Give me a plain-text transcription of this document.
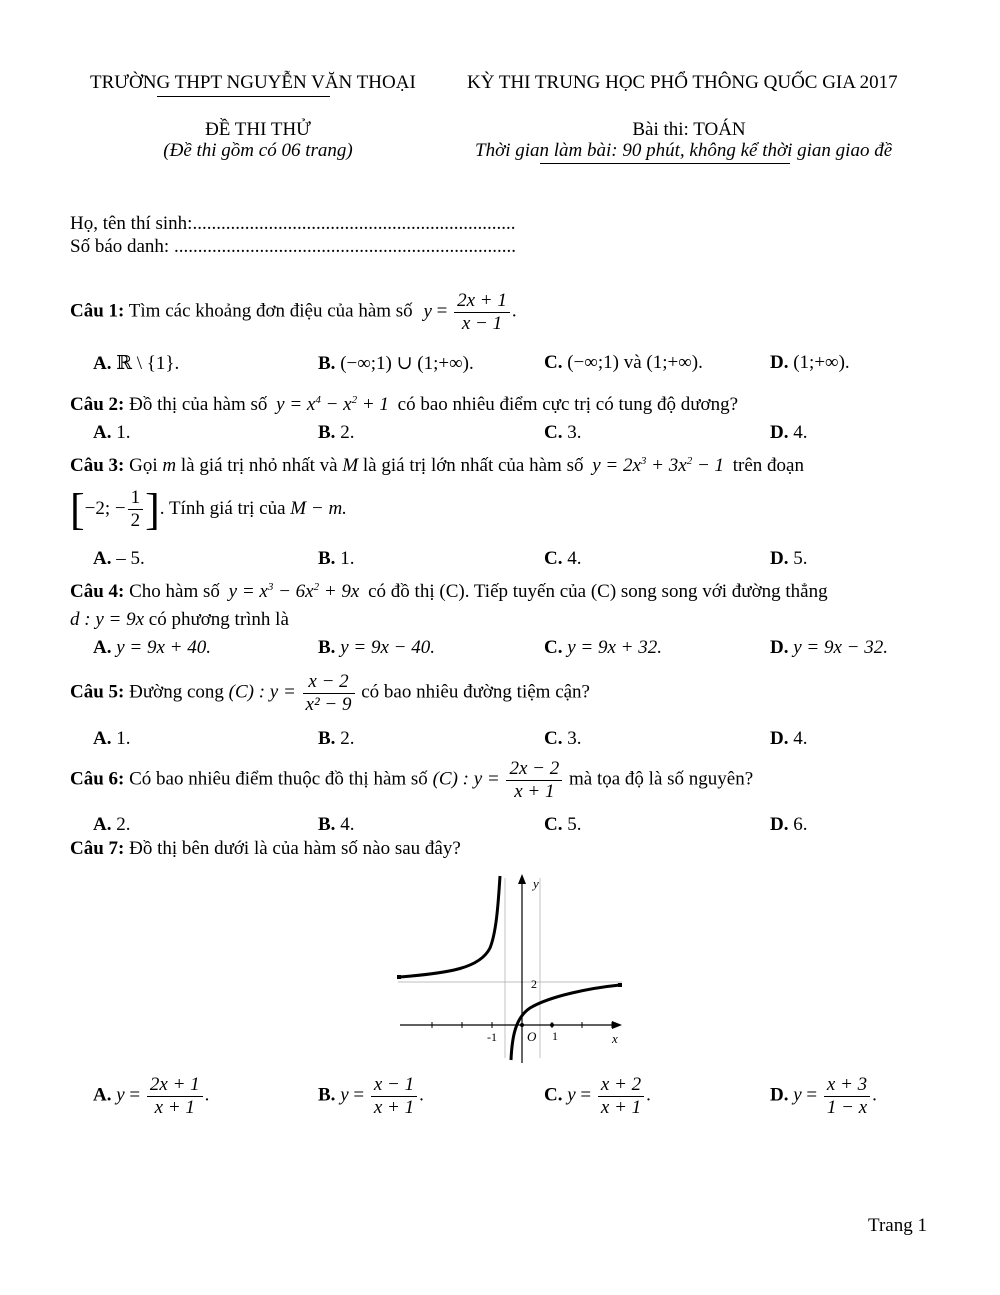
TRƯỜNG THPT NGUYỄN VĂN THOẠI	KỲ THI TRUNG HỌC PHỔ THÔNG QUỐC GIA 2017
ĐỀ THI THỬ
(Đề thi gồm có 06 trang)
Bài thi: TOÁN
Thời gian làm bài: 90 phút, không kể thời gian giao đề
Họ, tên thí sinh:....................................................................
Số báo danh: ........................................................................
Câu 1: Tìm các khoảng đơn điệu của hàm số $y = \frac{2x + 1}{x - 1}$ .
A. ℝ \ {1}.	B. (−∞;1) ∪ (1;+∞).	C. (−∞;1) và (1;+∞).	D. (1;+∞).
Câu 2: Đồ thị của hàm số $y = x^4 - x^2 + 1$ có bao nhiêu điểm cực trị có tung độ dương?
A. 1.	B. 2.	C. 3.	D. 4.
Câu 3: Gọi m là giá trị nhỏ nhất và M là giá trị lớn nhất của hàm số $y = 2x^3 + 3x^2 - 1$ trên đoạn
[−2; − $\frac{1}{2}$ ]. Tính giá trị của M − m.
A. – 5.	B. 1.	C. 4.	D. 5.
Câu 4: Cho hàm số $y = x^3 - 6x^2 + 9x$ có đồ thị (C). Tiếp tuyến của (C) song song với đường thẳng
d : y = 9x có phương trình là
A. y = 9x + 40.	B. y = 9x − 40.	C. y = 9x + 32.	D. y = 9x − 32.
Câu 5: Đường cong (C) : $y = \frac{x - 2}{\text{x² − 9}}$ có bao nhiêu đường tiệm cận?
A. 1.	B. 2.	C. 3.	D. 4.
Câu 6: Có bao nhiêu điểm thuộc đồ thị hàm số (C) : $y = \frac{2x - 2}{x + 1}$ mà tọa độ là số nguyên?
A. 2.	B. 4.	C. 5.	D. 6.
Câu 7: Đồ thị bên dưới là của hàm số nào sau đây?
y
x
O
-1	1
2
A. $y = \frac{2x + 1}{x + 1}$ .	B. $y = \frac{x - 1}{x + 1}$ .	C. $y = \frac{x + 2}{x + 1}$ .	D. $y = \frac{x + 3}{1 - x}$ .
Trang 1
